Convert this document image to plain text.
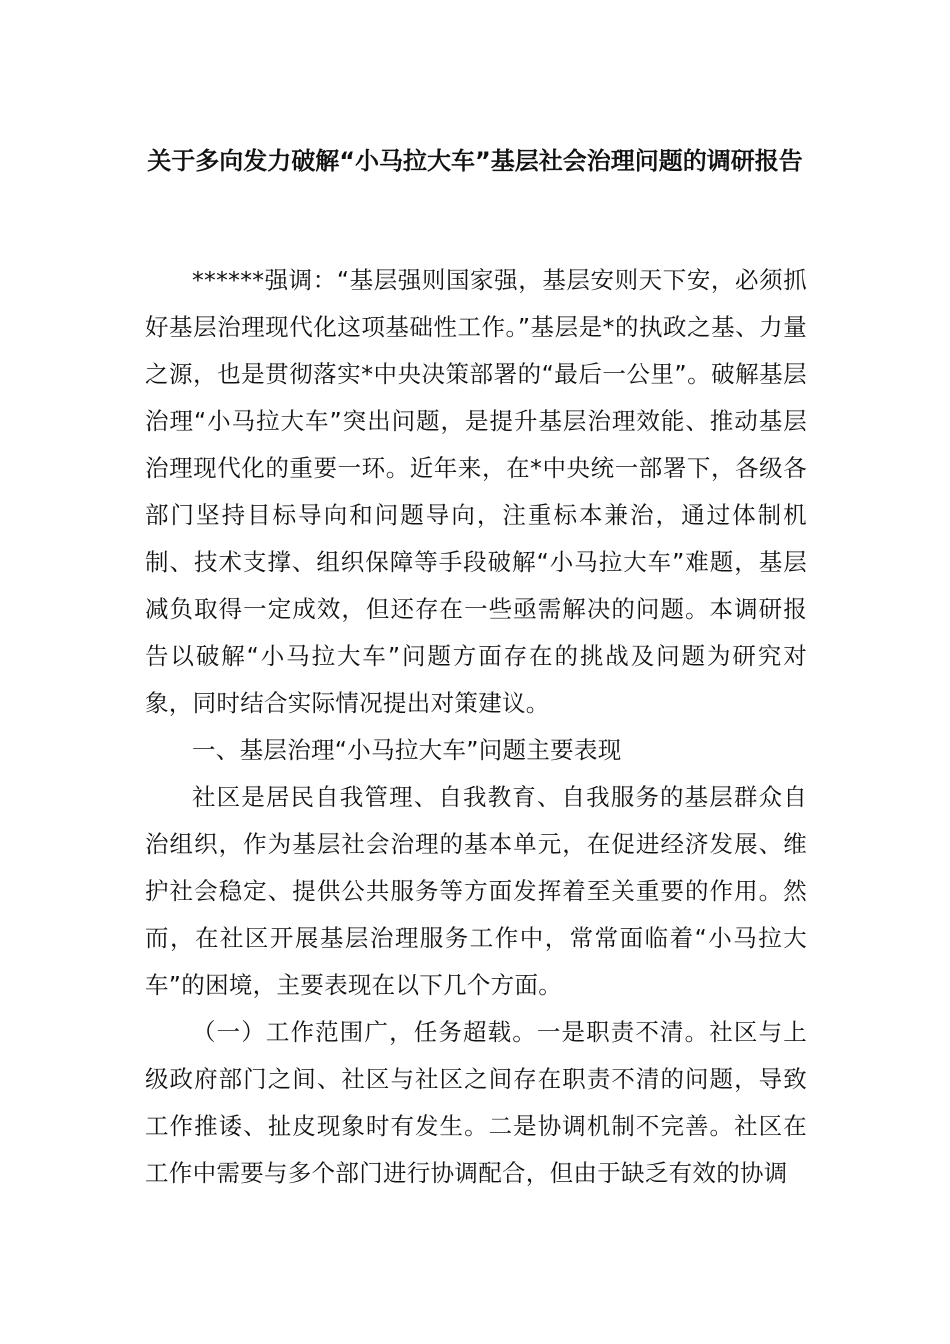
关于多向发力破解“小马拉大车”基层社会治理问题的调研报告

******强调：“基层强则国家强，基层安则天下安，必须抓好基层治理现代化这项基础性工作。”基层是*的执政之基、力量之源，也是贯彻落实*中央决策部署的“最后一公里”。破解基层治理“小马拉大车”突出问题，是提升基层治理效能、推动基层治理现代化的重要一环。近年来，在*中央统一部署下，各级各部门坚持目标导向和问题导向，注重标本兼治，通过体制机制、技术支撑、组织保障等手段破解“小马拉大车”难题，基层减负取得一定成效，但还存在一些亟需解决的问题。本调研报告以破解“小马拉大车”问题方面存在的挑战及问题为研究对象，同时结合实际情况提出对策建议。

一、基层治理“小马拉大车”问题主要表现

社区是居民自我管理、自我教育、自我服务的基层群众自治组织，作为基层社会治理的基本单元，在促进经济发展、维护社会稳定、提供公共服务等方面发挥着至关重要的作用。然而，在社区开展基层治理服务工作中，常常面临着“小马拉大车”的困境，主要表现在以下几个方面。

（一）工作范围广，任务超载。一是职责不清。社区与上级政府部门之间、社区与社区之间存在职责不清的问题，导致工作推诿、扯皮现象时有发生。二是协调机制不完善。社区在工作中需要与多个部门进行协调配合，但由于缺乏有效的协调
